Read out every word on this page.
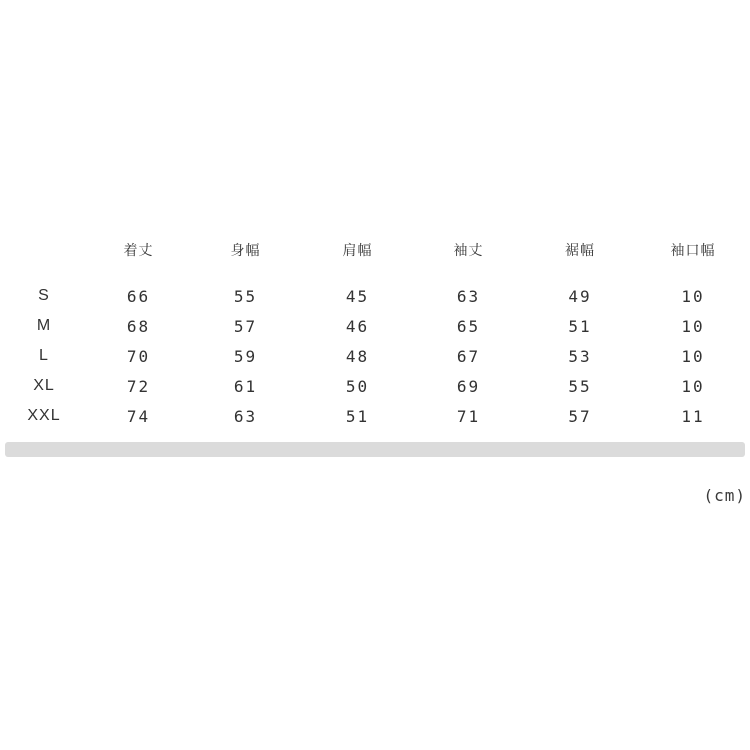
	着丈	身幅	肩幅	袖丈	裾幅	袖口幅

S	66	55	45	63	49	10
M	68	57	46	65	51	10
L	70	59	48	67	53	10
XL	72	61	50	69	55	10
XXL	74	63	51	71	57	11
(cm)
